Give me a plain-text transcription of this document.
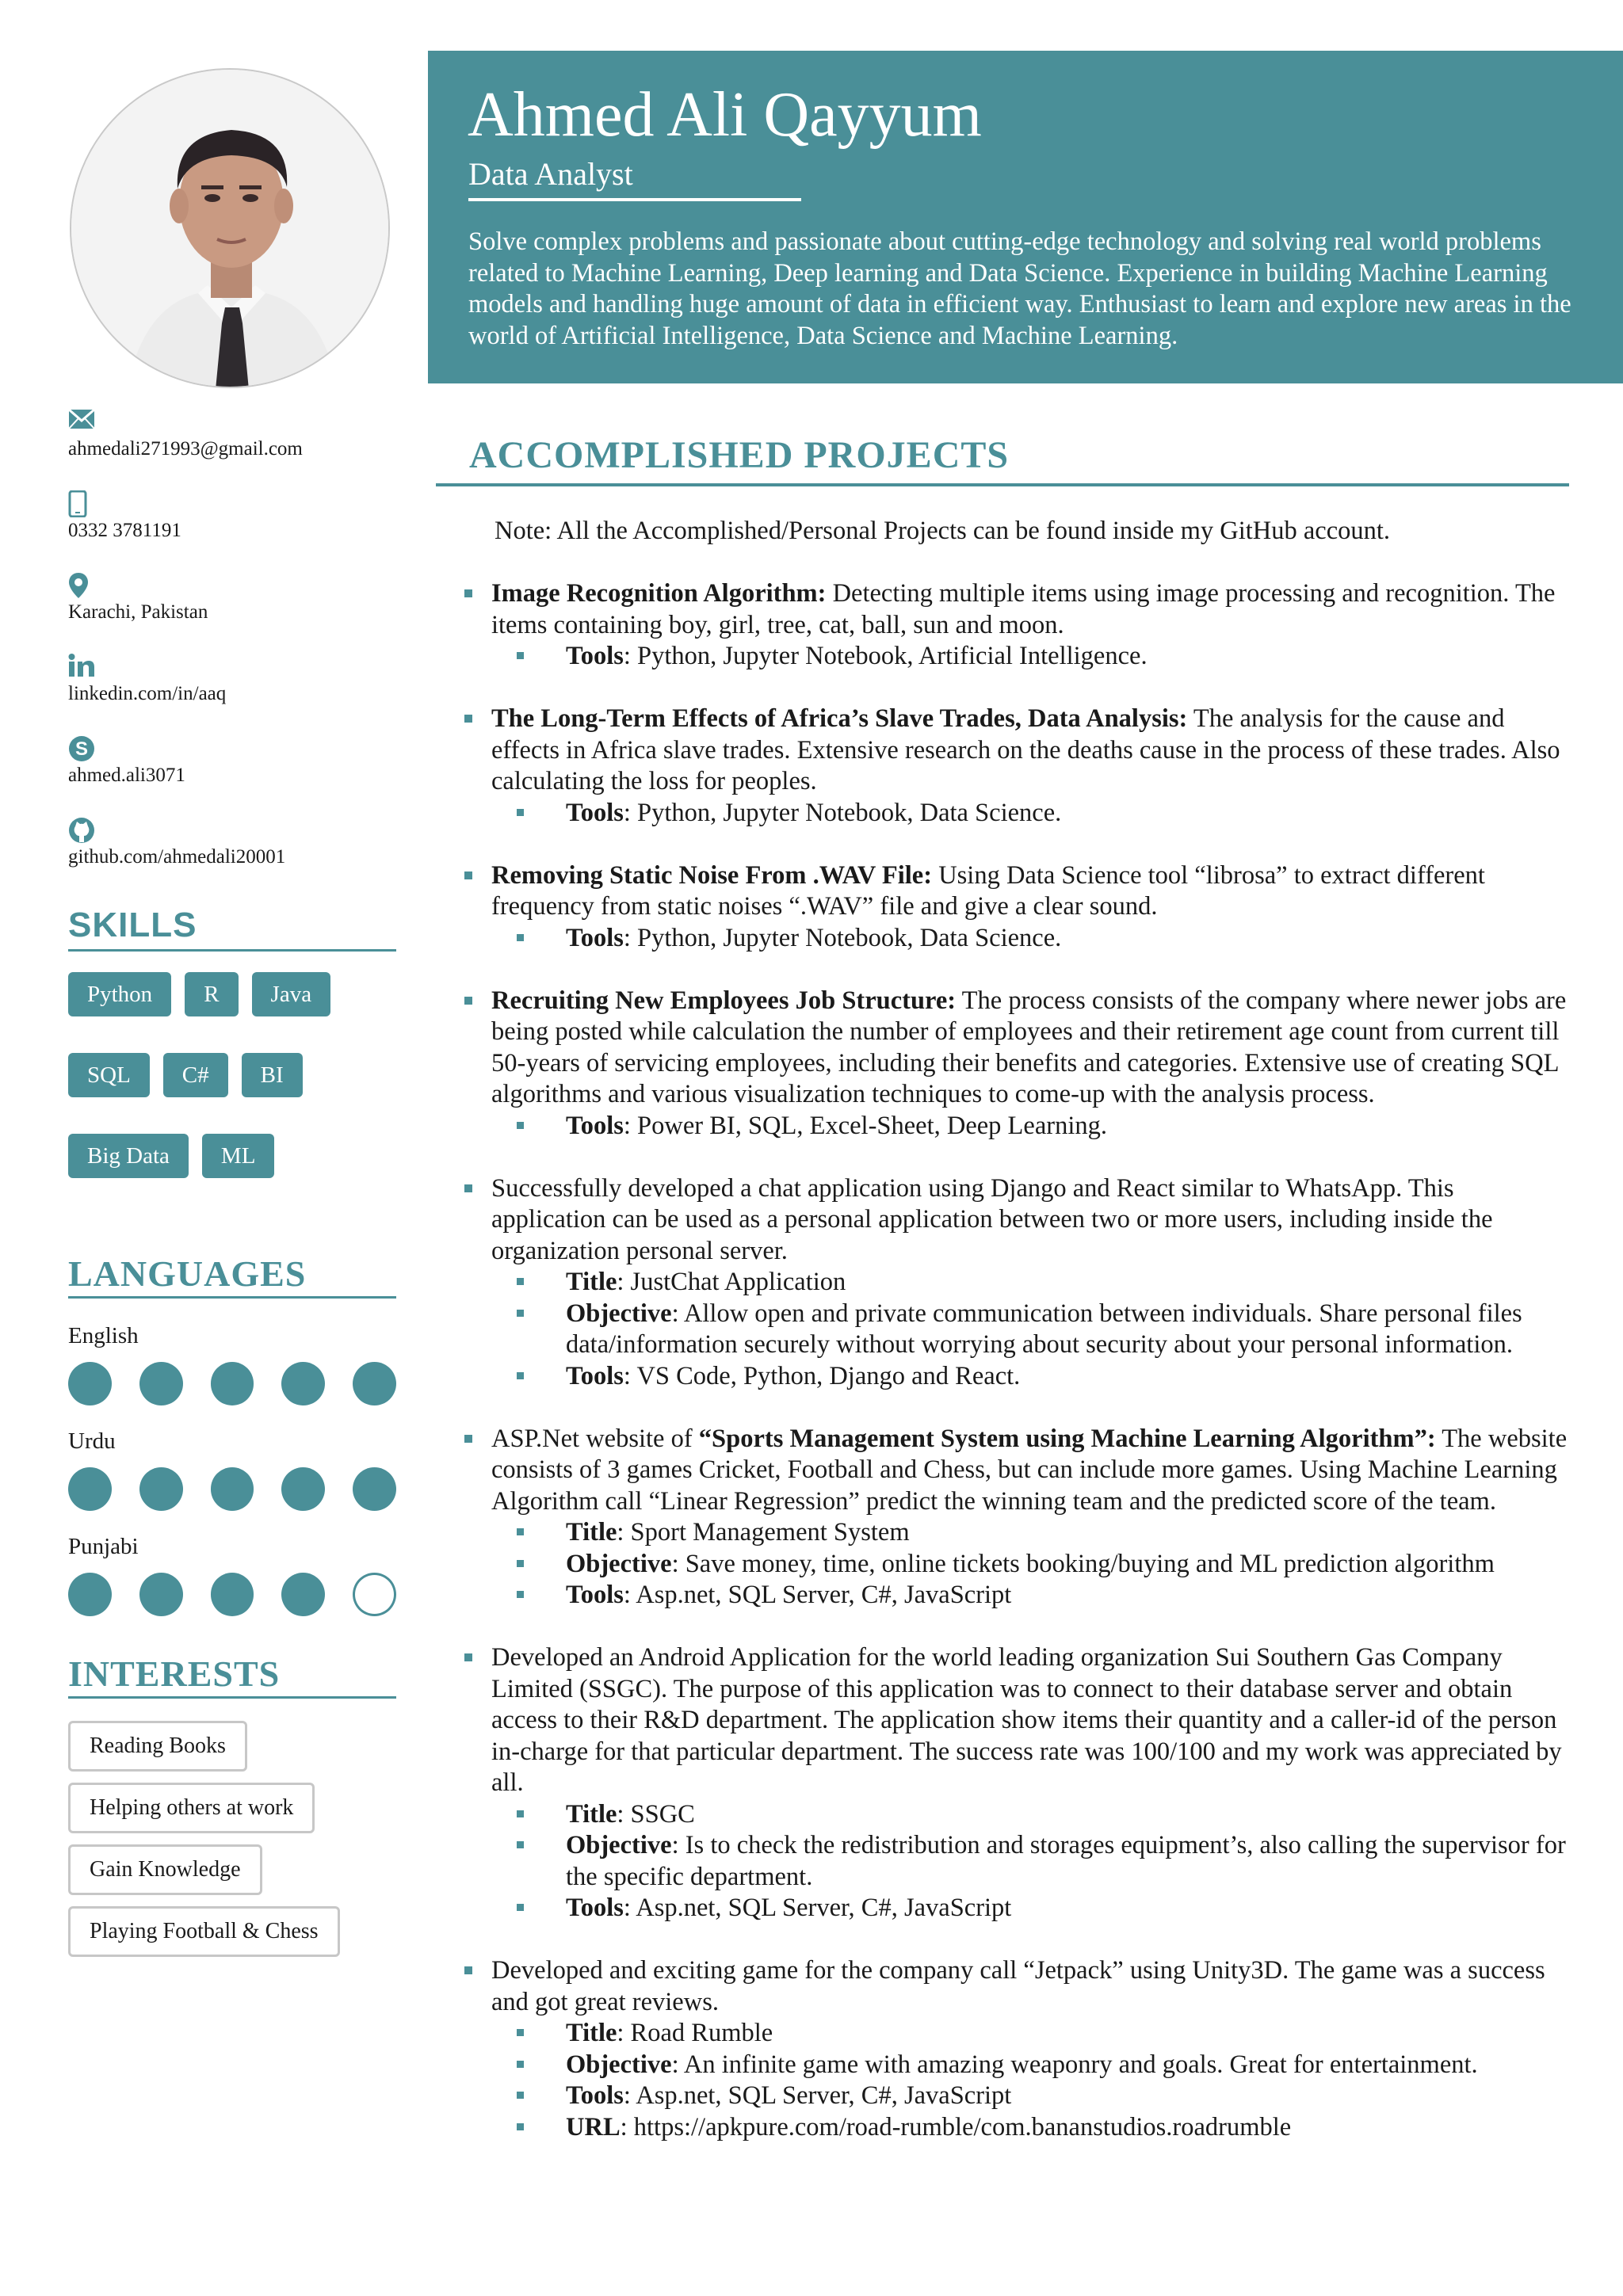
ahmedali271993@gmail.com
0332 3781191
Karachi, Pakistan
linkedin.com/in/aaq
S
ahmed.ali3071
github.com/ahmedali20001
SKILLS
Python	R	Java
SQL	C#	BI
Big Data	ML
LANGUAGES
English
Urdu
Punjabi
INTERESTS
Reading Books
Helping others at work
Gain Knowledge
Playing Football & Chess
Ahmed Ali Qayyum
Data Analyst
Solve complex problems and passionate about cutting-edge technology and solving real world problems related to Machine Learning, Deep learning and Data Science. Experience in building Machine Learning models and handling huge amount of data in efficient way. Enthusiast to learn and explore new areas in the world of Artificial Intelligence, Data Science and Machine Learning.
ACCOMPLISHED PROJECTS
Note: All the Accomplished/Personal Projects can be found inside my GitHub account.
Image Recognition Algorithm: Detecting multiple items using image processing and recognition. The items containing boy, girl, tree, cat, ball, sun and moon.
Tools: Python, Jupyter Notebook, Artificial Intelligence.
The Long-Term Effects of Africa’s Slave Trades, Data Analysis: The analysis for the cause and effects in Africa slave trades. Extensive research on the deaths cause in the process of these trades. Also calculating the loss for peoples.
Tools: Python, Jupyter Notebook, Data Science.
Removing Static Noise From .WAV File: Using Data Science tool “librosa” to extract different frequency from static noises “.WAV” file and give a clear sound.
Tools: Python, Jupyter Notebook, Data Science.
Recruiting New Employees Job Structure: The process consists of the company where newer jobs are being posted while calculation the number of employees and their retirement age count from current till 50-years of servicing employees, including their benefits and categories. Extensive use of creating SQL algorithms and various visualization techniques to come-up with the analysis process.
Tools: Power BI, SQL, Excel-Sheet, Deep Learning.
Successfully developed a chat application using Django and React similar to WhatsApp. This application can be used as a personal application between two or more users, including inside the organization personal server.
Title: JustChat Application
Objective: Allow open and private communication between individuals. Share personal files data/information securely without worrying about security about your personal information.
Tools: VS Code, Python, Django and React.
ASP.Net website of “Sports Management System using Machine Learning Algorithm”: The website consists of 3 games Cricket, Football and Chess, but can include more games. Using Machine Learning Algorithm call “Linear Regression” predict the winning team and the predicted score of the team.
Title: Sport Management System
Objective: Save money, time, online tickets booking/buying and ML prediction algorithm
Tools: Asp.net, SQL Server, C#, JavaScript
Developed an Android Application for the world leading organization Sui Southern Gas Company Limited (SSGC). The purpose of this application was to connect to their database server and obtain access to their R&D department. The application show items their quantity and a caller-id of the person in-charge for that particular department. The success rate was 100/100 and my work was appreciated by all.
Title: SSGC
Objective: Is to check the redistribution and storages equipment’s, also calling the supervisor for the specific department.
Tools: Asp.net, SQL Server, C#, JavaScript
Developed and exciting game for the company call “Jetpack” using Unity3D. The game was a success and got great reviews.
Title: Road Rumble
Objective: An infinite game with amazing weaponry and goals. Great for entertainment.
Tools: Asp.net, SQL Server, C#, JavaScript
URL: https://apkpure.com/road-rumble/com.bananstudios.roadrumble
